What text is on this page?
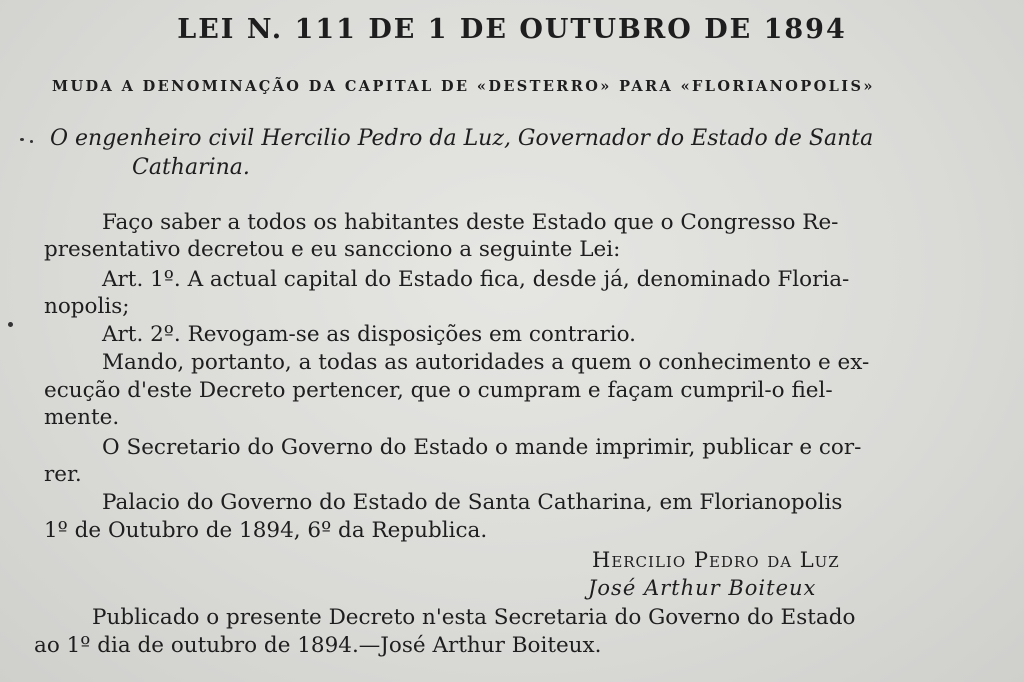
LEI N. 111 DE 1 DE OUTUBRO DE 1894
MUDA A DENOMINAÇÃO DA CAPITAL DE «DESTERRO» PARA «FLORIANOPOLIS»
O engenheiro civil Hercilio Pedro da Luz, Governador do Estado de Santa
Catharina.
Faço saber a todos os habitantes deste Estado que o Congresso Re-
presentativo decretou e eu sancciono a seguinte Lei:
Art. 1º. A actual capital do Estado fica, desde já, denominado Floria-
nopolis;
Art. 2º. Revogam-se as disposições em contrario.
Mando, portanto, a todas as autoridades a quem o conhecimento e ex-
ecução d'este Decreto pertencer, que o cumpram e façam cumpril-o fiel-
mente.
O Secretario do Governo do Estado o mande imprimir, publicar e cor-
rer.
Palacio do Governo do Estado de Santa Catharina, em Florianopolis
1º de Outubro de 1894, 6º da Republica.
Hercilio Pedro da Luz
José Arthur Boiteux
Publicado o presente Decreto n'esta Secretaria do Governo do Estado
ao 1º dia de outubro de 1894.—José Arthur Boiteux.
